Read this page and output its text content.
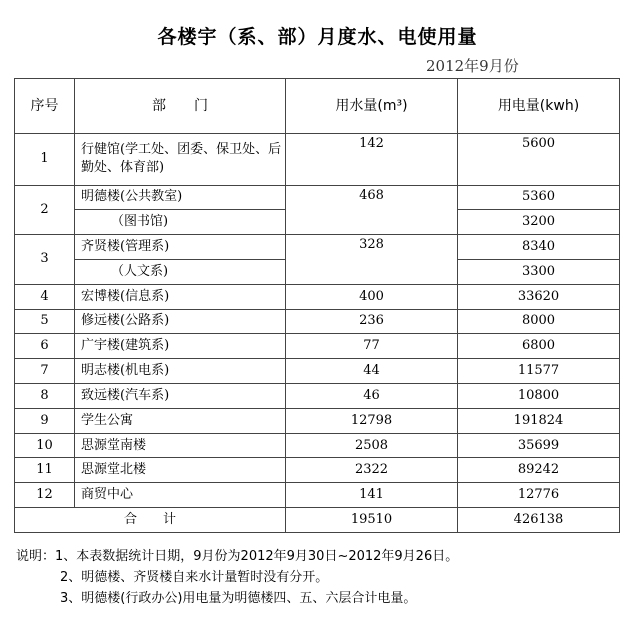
各楼宇（系、部）月度水、电使用量
2012年9月份
序号	部　　门	用水量(m³)	用电量(kwh)
1	行健馆(学工处、团委、保卫处、后勤处、体育部)	142	5600
2	明德楼(公共教室)	468	5360
	（图书馆)		3200
3	齐贤楼(管理系)	328	8340
	（人文系)		3300
4	宏博楼(信息系)	400	33620
5	修远楼(公路系)	236	8000
6	广宇楼(建筑系)	77	6800
7	明志楼(机电系)	44	11577
8	致远楼(汽车系)	46	10800
9	学生公寓	12798	191824
10	思源堂南楼	2508	35699
11	思源堂北楼	2322	89242
12	商贸中心	141	12776
合　　计		19510	426138
说明：1、本表数据统计日期，9月份为2012年9月30日~2012年9月26日。
2、明德楼、齐贤楼自来水计量暂时没有分开。
3、明德楼(行政办公)用电量为明德楼四、五、六层合计电量。
